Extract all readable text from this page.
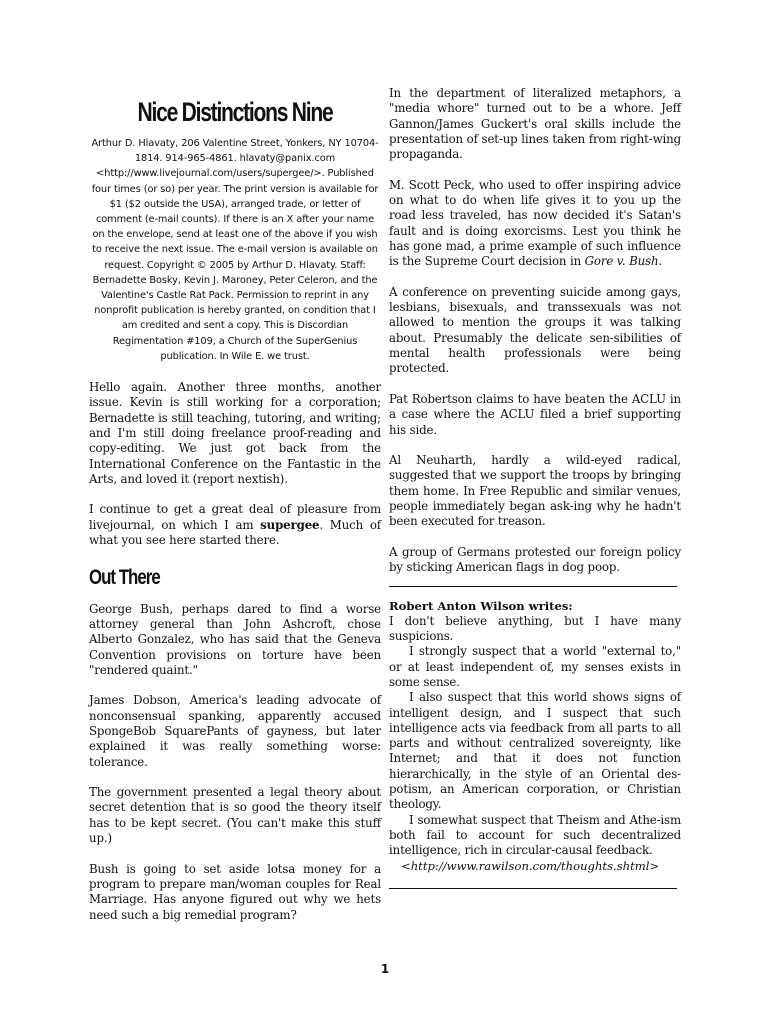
Nice Distinctions Nine

Arthur D. Hlavaty, 206 Valentine Street, Yonkers, NY 10704-1814. 914-965-4861. hlavaty@panix.com <http://www.livejournal.com/users/supergee/>. Published four times (or so) per year. The print version is available for $1 ($2 outside the USA), arranged trade, or letter of comment (e-mail counts). If there is an X after your name on the envelope, send at least one of the above if you wish to receive the next issue. The e-mail version is available on request. Copyright © 2005 by Arthur D. Hlavaty. Staff: Bernadette Bosky, Kevin J. Maroney, Peter Celeron, and the Valentine's Castle Rat Pack. Permission to reprint in any nonprofit publication is hereby granted, on condition that I am credited and sent a copy. This is Discordian Regimentation #109, a Church of the SuperGenius publication. In Wile E. we trust.

Hello again. Another three months, another issue. Kevin is still working for a corporation; Bernadette is still teaching, tutoring, and writing; and I'm still doing freelance proof-reading and copy-editing. We just got back from the International Conference on the Fantastic in the Arts, and loved it (report nextish).

I continue to get a great deal of pleasure from livejournal, on which I am supergee. Much of what you see here started there.

Out There

George Bush, perhaps dared to find a worse attorney general than John Ashcroft, chose Alberto Gonzalez, who has said that the Geneva Convention provisions on torture have been "rendered quaint."

James Dobson, America's leading advocate of nonconsensual spanking, apparently accused SpongeBob SquarePants of gayness, but later explained it was really something worse: tolerance.

The government presented a legal theory about secret detention that is so good the theory itself has to be kept secret. (You can't make this stuff up.)

Bush is going to set aside lotsa money for a program to prepare man/woman couples for Real Marriage. Has anyone figured out why we hets need such a big remedial program?

In the department of literalized metaphors, a "media whore" turned out to be a whore. Jeff Gannon/James Guckert's oral skills include the presentation of set-up lines taken from right-wing propaganda.

M. Scott Peck, who used to offer inspiring advice on what to do when life gives it to you up the road less traveled, has now decided it's Satan's fault and is doing exorcisms. Lest you think he has gone mad, a prime example of such influence is the Supreme Court decision in Gore v. Bush.

A conference on preventing suicide among gays, lesbians, bisexuals, and transsexuals was not allowed to mention the groups it was talking about. Presumably the delicate sen-sibilities of mental health professionals were being protected.

Pat Robertson claims to have beaten the ACLU in a case where the ACLU filed a brief supporting his side.

Al Neuharth, hardly a wild-eyed radical, suggested that we support the troops by bringing them home. In Free Republic and similar venues, people immediately began ask-ing why he hadn't been executed for treason.

A group of Germans protested our foreign policy by sticking American flags in dog poop.

Robert Anton Wilson writes:

I don't believe anything, but I have many suspicions.

I strongly suspect that a world "external to," or at least independent of, my senses exists in some sense.

I also suspect that this world shows signs of intelligent design, and I suspect that such intelligence acts via feedback from all parts to all parts and without centralized sovereignty, like Internet; and that it does not function hierarchically, in the style of an Oriental des-potism, an American corporation, or Christian theology.

I somewhat suspect that Theism and Athe-ism both fail to account for such decentralized intelligence, rich in circular-causal feedback.

<http://www.rawilson.com/thoughts.shtml>

1
